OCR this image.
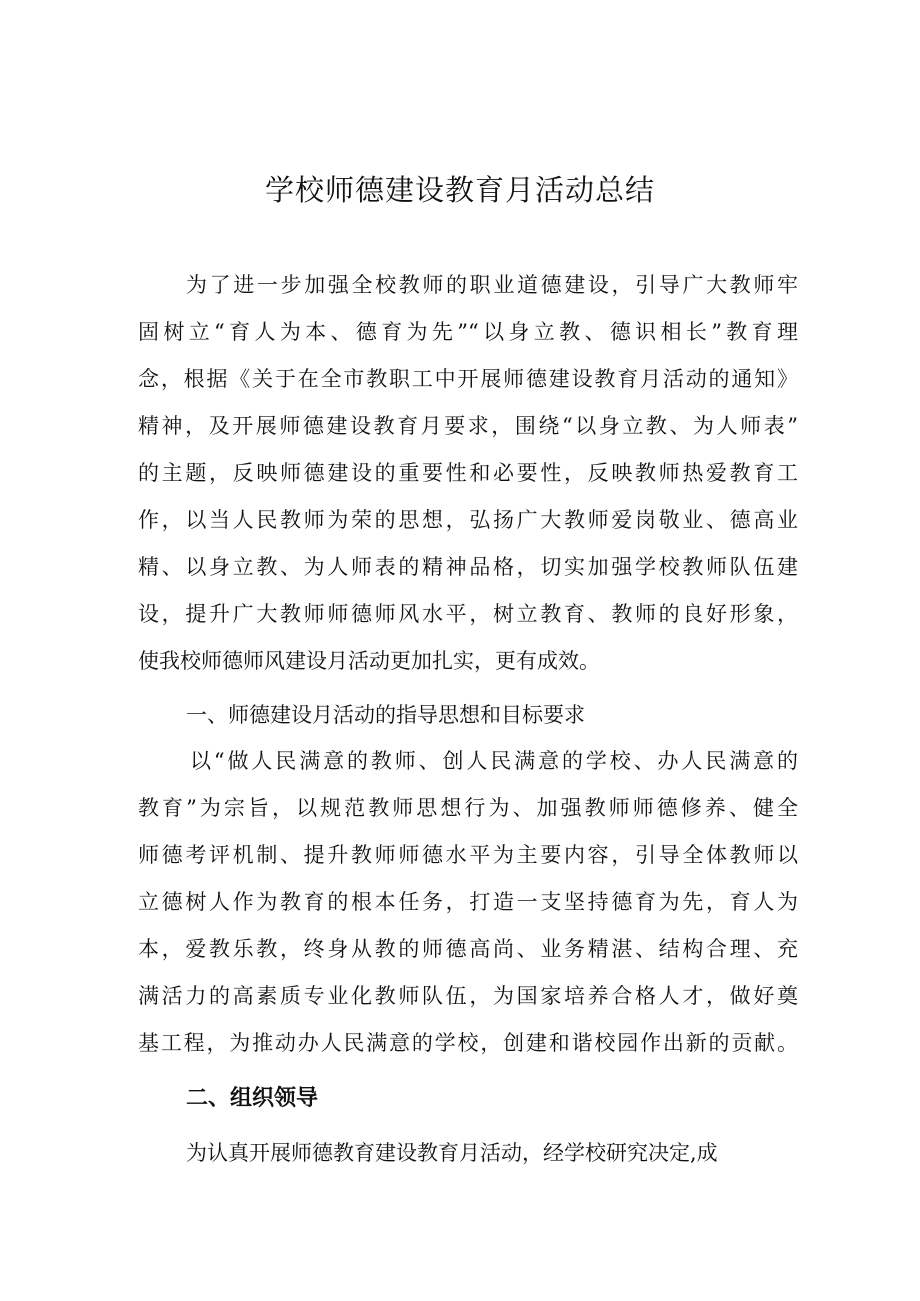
学校师德建设教育月活动总结
为了进一步加强全校教师的职业道德建设，引导广大教师牢
固树立“育人为本、德育为先”“以身立教、德识相长”教育理
念，根据《关于在全市教职工中开展师德建设教育月活动的通知》
精神，及开展师德建设教育月要求，围绕“以身立教、为人师表”
的主题，反映师德建设的重要性和必要性，反映教师热爱教育工
作，以当人民教师为荣的思想，弘扬广大教师爱岗敬业、德高业
精、以身立教、为人师表的精神品格，切实加强学校教师队伍建
设，提升广大教师师德师风水平，树立教育、教师的良好形象，
使我校师德师风建设月活动更加扎实，更有成效。
一、师德建设月活动的指导思想和目标要求
以“做人民满意的教师、创人民满意的学校、办人民满意的
教育”为宗旨，以规范教师思想行为、加强教师师德修养、健全
师德考评机制、提升教师师德水平为主要内容，引导全体教师以
立德树人作为教育的根本任务，打造一支坚持德育为先，育人为
本，爱教乐教，终身从教的师德高尚、业务精湛、结构合理、充
满活力的高素质专业化教师队伍，为国家培养合格人才，做好奠
基工程，为推动办人民满意的学校，创建和谐校园作出新的贡献。
二、组织领导
为认真开展师德教育建设教育月活动，经学校研究决定,成
